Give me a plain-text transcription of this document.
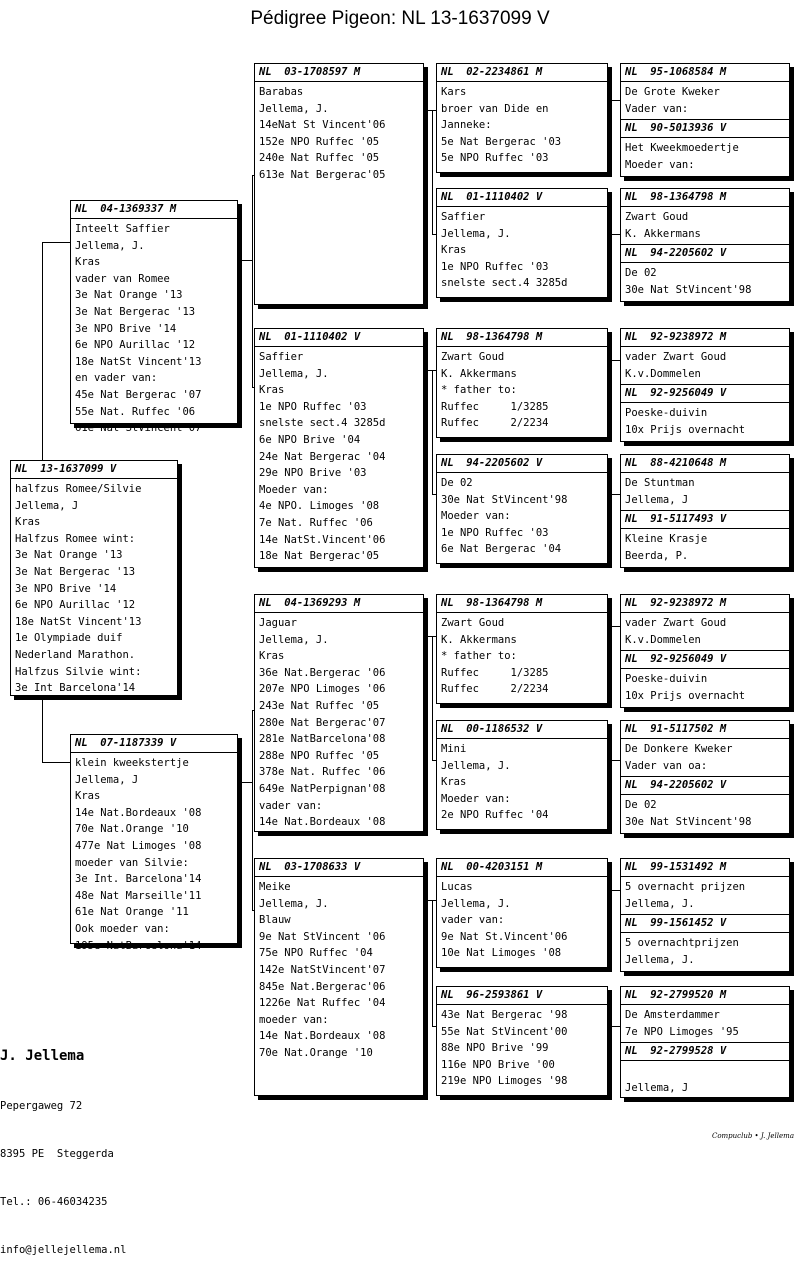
Pédigree Pigeon: NL 13-1637099 V
NL  13-1637099 V
halfzus Romee/Silvie
Jellema, J
Kras
Halfzus Romee wint:
3e Nat Orange '13
3e Nat Bergerac '13
3e NPO Brive '14
6e NPO Aurillac '12
18e NatSt Vincent'13
1e Olympiade duif
Nederland Marathon.
Halfzus Silvie wint:
3e Int Barcelona'14
NL  04-1369337 M
Inteelt Saffier
Jellema, J.
Kras
vader van Romee
3e Nat Orange '13
3e Nat Bergerac '13
3e NPO Brive '14
6e NPO Aurillac '12
18e NatSt Vincent'13
en vader van:
45e Nat Bergerac '07
55e Nat. Ruffec '06
61e Nat StVincent'07
NL  07-1187339 V
klein kweekstertje
Jellema, J
Kras
14e Nat.Bordeaux '08
70e Nat.Orange '10
477e Nat Limoges '08
moeder van Silvie:
3e Int. Barcelona'14
48e Nat Marseille'11
61e Nat Orange '11
Ook moeder van:
195e NatBarcelona'14
NL  03-1708597 M
Barabas
Jellema, J.
14eNat St Vincent'06
152e NPO Ruffec '05
240e Nat Ruffec '05
613e Nat Bergerac'05
NL  01-1110402 V
Saffier
Jellema, J.
Kras
1e NPO Ruffec '03
snelste sect.4 3285d
6e NPO Brive '04
24e Nat Bergerac '04
29e NPO Brive '03
Moeder van:
4e NPO. Limoges '08
7e Nat. Ruffec '06
14e NatSt.Vincent'06
18e Nat Bergerac'05
NL  04-1369293 M
Jaguar
Jellema, J.
Kras
36e Nat.Bergerac '06
207e NPO Limoges '06
243e Nat Ruffec '05
280e Nat Bergerac'07
281e NatBarcelona'08
288e NPO Ruffec '05
378e Nat. Ruffec '06
649e NatPerpignan'08
vader van:
14e Nat.Bordeaux '08
NL  03-1708633 V
Meike
Jellema, J.
Blauw
9e Nat StVincent '06
75e NPO Ruffec '04
142e NatStVincent'07
845e Nat.Bergerac'06
1226e Nat Ruffec '04
moeder van:
14e Nat.Bordeaux '08
70e Nat.Orange '10
NL  02-2234861 M
Kars
broer van Dide en
Janneke:
5e Nat Bergerac '03
5e NPO Ruffec '03
NL  01-1110402 V
Saffier
Jellema, J.
Kras
1e NPO Ruffec '03
snelste sect.4 3285d
NL  98-1364798 M
Zwart Goud
K. Akkermans
* father to:
Ruffec     1/3285
Ruffec     2/2234
NL  94-2205602 V
De 02
30e Nat StVincent'98
Moeder van:
1e NPO Ruffec '03
6e Nat Bergerac '04
NL  98-1364798 M
Zwart Goud
K. Akkermans
* father to:
Ruffec     1/3285
Ruffec     2/2234
NL  00-1186532 V
Mini
Jellema, J.
Kras
Moeder van:
2e NPO Ruffec '04
NL  00-4203151 M
Lucas
Jellema, J.
vader van:
9e Nat St.Vincent'06
10e Nat Limoges '08
NL  96-2593861 V
43e Nat Bergerac '98
55e Nat StVincent'00
88e NPO Brive '99
116e NPO Brive '00
219e NPO Limoges '98
NL  95-1068584 M
De Grote Kweker
Vader van:
NL  90-5013936 V
Het Kweekmoedertje
Moeder van:
NL  98-1364798 M
Zwart Goud
K. Akkermans
NL  94-2205602 V
De 02
30e Nat StVincent'98
NL  92-9238972 M
vader Zwart Goud
K.v.Dommelen
NL  92-9256049 V
Poeske-duivin
10x Prijs overnacht
NL  88-4210648 M
De Stuntman
Jellema, J
NL  91-5117493 V
Kleine Krasje
Beerda, P.
NL  92-9238972 M
vader Zwart Goud
K.v.Dommelen
NL  92-9256049 V
Poeske-duivin
10x Prijs overnacht
NL  91-5117502 M
De Donkere Kweker
Vader van oa:
NL  94-2205602 V
De 02
30e Nat StVincent'98
NL  99-1531492 M
5 overnacht prijzen
Jellema, J.
NL  99-1561452 V
5 overnachtprijzen
Jellema, J.
NL  92-2799520 M
De Amsterdammer
7e NPO Limoges '95
NL  92-2799528 V

Jellema, J

J. Jellema

Pepergaweg 72

8395 PE  Steggerda

Tel.: 06-46034235

info@jellejellema.nl

Compuclub • J. Jellema
